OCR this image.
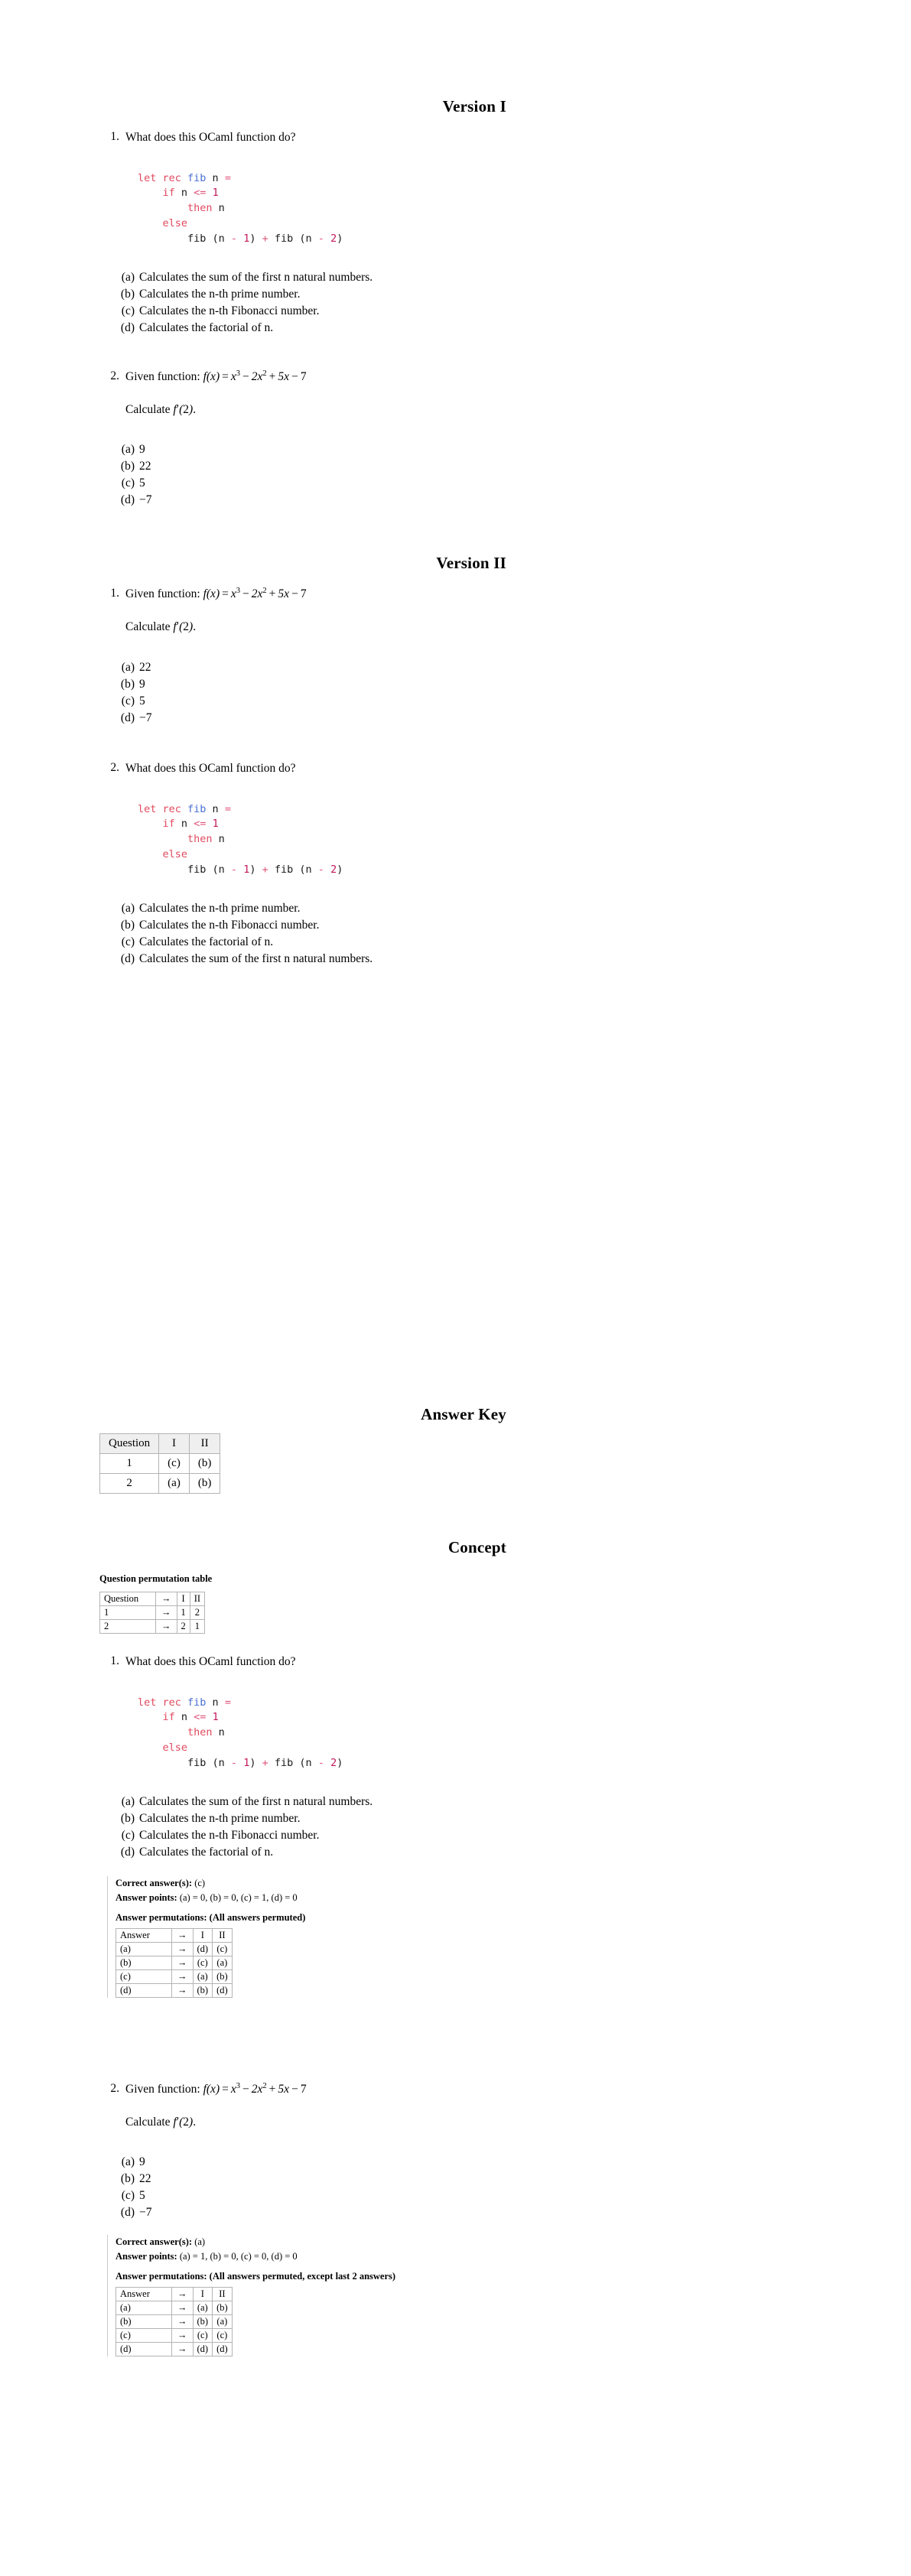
Version I
1. What does this OCaml function do?
let rec fib n =
if n <= 1
then n
else
fib (n - 1) + fib (n - 2)
(a) Calculates the sum of the first n natural numbers.
(b) Calculates the n-th prime number.
(c) Calculates the n-th Fibonacci number.
(d) Calculates the factorial of n.
2. Given function: $f(x) = x^3 - 2x^2 + 5x - 7$
Calculate f′(2).
(a) 9
(b) 22
(c) 5
(d) −7
Version II
1. Given function: $f(x) = x^3 - 2x^2 + 5x - 7$
Calculate f′(2).
(a) 22
(b) 9
(c) 5
(d) −7
2. What does this OCaml function do?
let rec fib n =
if n <= 1
then n
else
fib (n - 1) + fib (n - 2)
(a) Calculates the n-th prime number.
(b) Calculates the n-th Fibonacci number.
(c) Calculates the factorial of n.
(d) Calculates the sum of the first n natural numbers.
Answer Key
Question	I	II
1	(c)	(b)
2	(a)	(b)
Concept
Question permutation table
Question	→	I	II
1	→	1	2
2	→	2	1
1. What does this OCaml function do?
let rec fib n =
if n <= 1
then n
else
fib (n - 1) + fib (n - 2)
(a) Calculates the sum of the first n natural numbers.
(b) Calculates the n-th prime number.
(c) Calculates the n-th Fibonacci number.
(d) Calculates the factorial of n.
Correct answer(s): (c)
Answer points: (a) = 0, (b) = 0, (c) = 1, (d) = 0
Answer permutations: (All answers permuted)
Answer	→	I	II
(a)	→	(d)	(c)
(b)	→	(c)	(a)
(c)	→	(a)	(b)
(d)	→	(b)	(d)
2. Given function: $f(x) = x^3 - 2x^2 + 5x - 7$
Calculate f′(2).
(a) 9
(b) 22
(c) 5
(d) −7
Correct answer(s): (a)
Answer points: (a) = 1, (b) = 0, (c) = 0, (d) = 0
Answer permutations: (All answers permuted, except last 2 answers)
Answer	→	I	II
(a)	→	(a)	(b)
(b)	→	(b)	(a)
(c)	→	(c)	(c)
(d)	→	(d)	(d)
